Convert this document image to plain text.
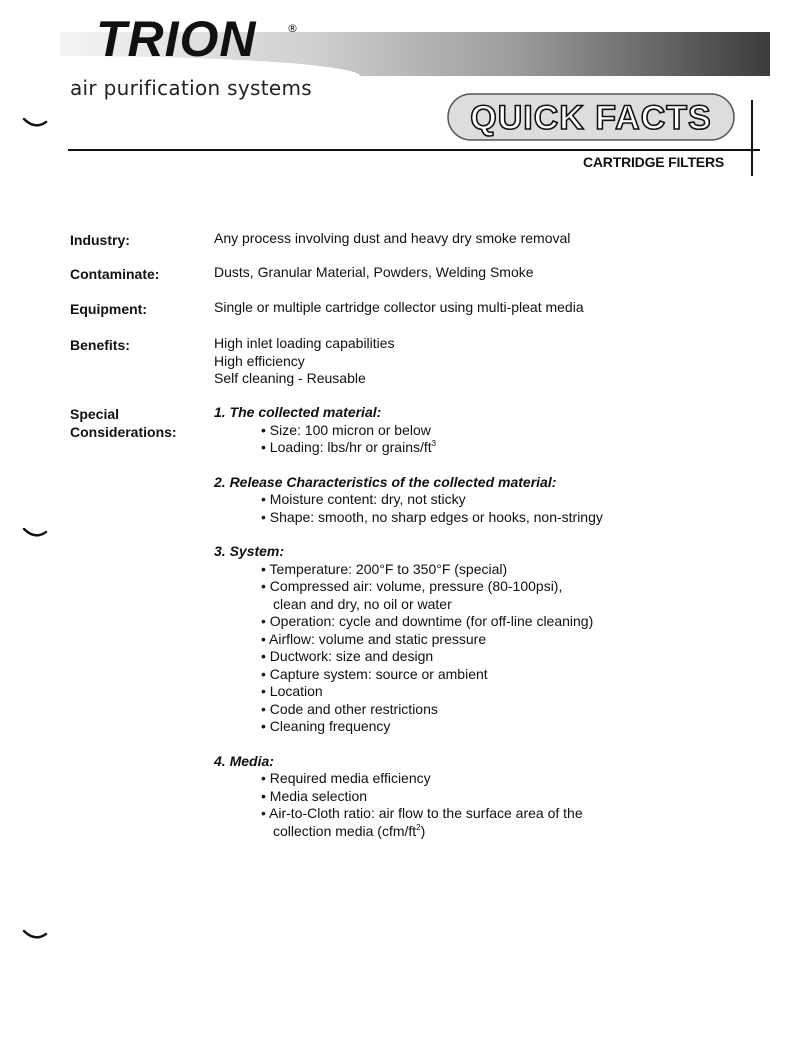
TRION	®
air purification systems
QUICK FACTS
CARTRIDGE FILTERS
Industry:	Any process involving dust and heavy dry smoke removal
Contaminate:	Dusts, Granular Material, Powders, Welding Smoke
Equipment:	Single or multiple cartridge collector using multi-pleat media
Benefits:	High inlet loading capabilities
High efficiency
Self cleaning - Reusable
Special
Considerations:
1. The collected material:
• Size: 100 micron or below
• Loading: lbs/hr or grains/$ft^3$
2. Release Characteristics of the collected material:
• Moisture content: dry, not sticky
• Shape: smooth, no sharp edges or hooks, non-stringy
3. System:
• Temperature: 200°F to 350°F (special)
• Compressed air: volume, pressure (80-100psi),
clean and dry, no oil or water
• Operation: cycle and downtime (for off-line cleaning)
• Airflow: volume and static pressure
• Ductwork: size and design
• Capture system: source or ambient
• Location
• Code and other restrictions
• Cleaning frequency
4. Media:
• Required media efficiency
• Media selection
• Air-to-Cloth ratio: air flow to the surface area of the
collection media $(cfm/ft^2)$
